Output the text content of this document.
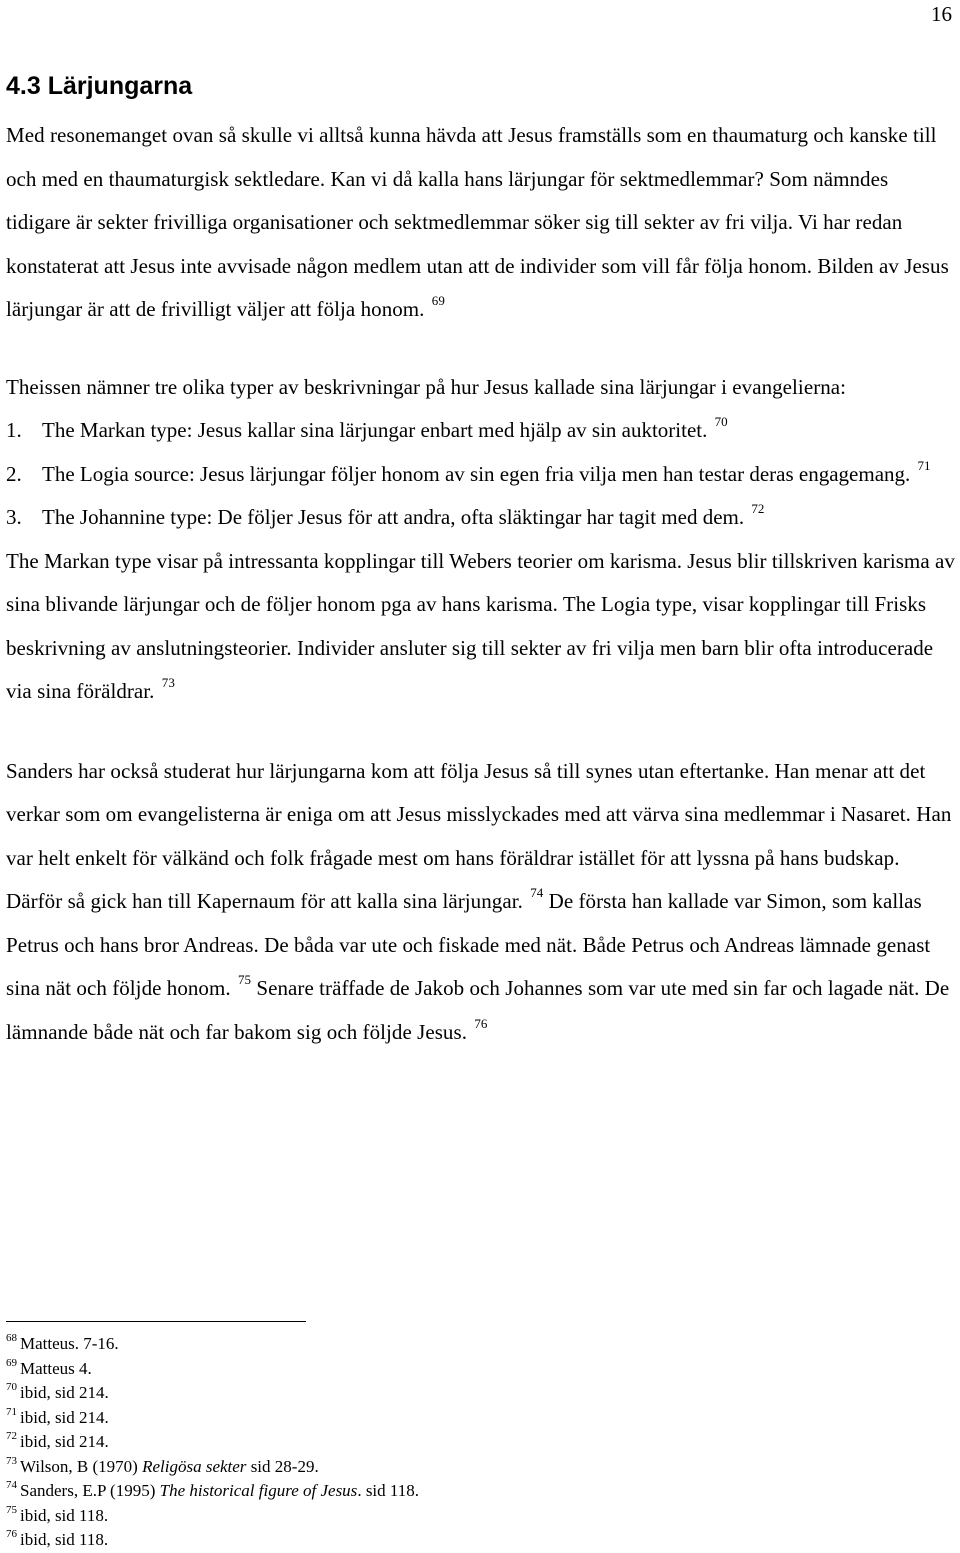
16
4.3 Lärjungarna

Med resonemanget ovan så skulle vi alltså kunna hävda att Jesus framställs som en thaumaturg och kanske till och med en thaumaturgisk sektledare. Kan vi då kalla hans lärjungar för sektmedlemmar? Som nämndes tidigare är sekter frivilliga organisationer och sektmedlemmar söker sig till sekter av fri vilja. Vi har redan konstaterat att Jesus inte avvisade någon medlem utan att de individer som vill får följa honom. Bilden av Jesus lärjungar är att de frivilligt väljer att följa honom. $^{69}$

Theissen nämner tre olika typer av beskrivningar på hur Jesus kallade sina lärjungar i evangelierna:

1. The Markan type: Jesus kallar sina lärjungar enbart med hjälp av sin auktoritet. $^{70}$
2. The Logia source: Jesus lärjungar följer honom av sin egen fria vilja men han testar deras engagemang. $^{71}$
3. The Johannine type: De följer Jesus för att andra, ofta släktingar har tagit med dem. $^{72}$

The Markan type visar på intressanta kopplingar till Webers teorier om karisma. Jesus blir tillskriven karisma av sina blivande lärjungar och de följer honom pga av hans karisma. The Logia type, visar kopplingar till Frisks beskrivning av anslutningsteorier. Individer ansluter sig till sekter av fri vilja men barn blir ofta introducerade via sina föräldrar. $^{73}$

Sanders har också studerat hur lärjungarna kom att följa Jesus så till synes utan eftertanke. Han menar att det verkar som om evangelisterna är eniga om att Jesus misslyckades med att värva sina medlemmar i Nasaret. Han var helt enkelt för välkänd och folk frågade mest om hans föräldrar istället för att lyssna på hans budskap. Därför så gick han till Kapernaum för att kalla sina lärjungar. $^{74}$ De första han kallade var Simon, som kallas Petrus och hans bror Andreas. De båda var ute och fiskade med nät. Både Petrus och Andreas lämnade genast sina nät och följde honom. $^{75}$ Senare träffade de Jakob och Johannes som var ute med sin far och lagade nät. De lämnande både nät och far bakom sig och följde Jesus. $^{76}$

$^{68}$ Matteus. 7-16.
$^{69}$ Matteus 4.
$^{70}$ ibid, sid 214.
$^{71}$ ibid, sid 214.
$^{72}$ ibid, sid 214.
$^{73}$ Wilson, B (1970) Religösa sekter sid 28-29.
$^{74}$ Sanders, E.P (1995) The historical figure of Jesus. sid 118.
$^{75}$ ibid, sid 118.
$^{76}$ ibid, sid 118.
